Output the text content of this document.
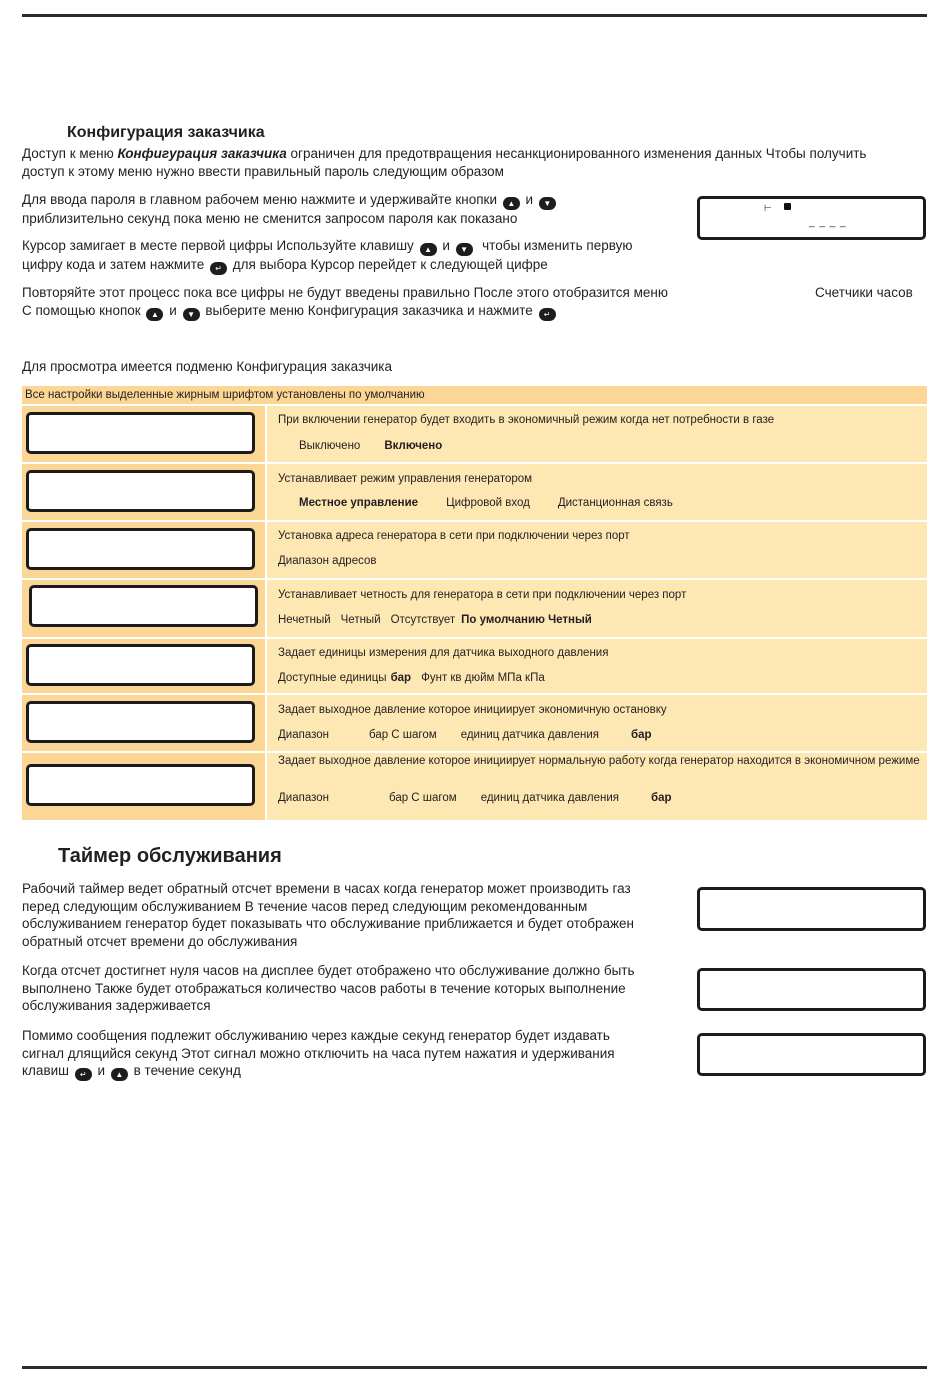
Конфигурация заказчика
Доступ к меню Конфигурация заказчика ограничен для предотвращения несанкционированного изменения данных Чтобы получить
доступ к этому меню нужно ввести правильный пароль следующим образом
Для ввода пароля в главном рабочем меню нажмите и удерживайте кнопки ▲ и ▼
приблизительно секунд пока меню не сменится запросом пароля как показано
⊢
_ _ _ _
Курсор замигает в месте первой цифры Используйте клавишу ▲ и ▼ чтобы изменить первую
цифру кода и затем нажмите ↵ для выбора Курсор перейдет к следующей цифре
Повторяйте этот процесс пока все цифры не будут введены правильно После этого отобразится меню	Счетчики часов
С помощью кнопок ▲ и ▼ выберите меню Конфигурация заказчика и нажмите ↵
Для просмотра имеется подменю Конфигурация заказчика
Все настройки выделенные жирным шрифтом установлены по умолчанию
При включении генератор будет входить в экономичный режим когда нет потребности в газе
Выключено Включено
Устанавливает режим управления генератором
Местное управление Цифровой вход Дистанционная связь
Установка адреса генератора в сети при подключении через порт
Диапазон адресов
Устанавливает четность для генератора в сети при подключении через порт
Нечетный Четный Отсутствует По умолчанию Четный
Задает единицы измерения для датчика выходного давления
Доступные единицы бар Фунт кв дюйм МПа кПа
Задает выходное давление которое инициирует экономичную остановку
Диапазон	бар С шагом единиц датчика давления	бар
Задает выходное давление которое инициирует нормальную работу когда генератор находится в экономичном режиме
Диапазон	бар С шагом единиц датчика давления	бар
Таймер обслуживания
Рабочий таймер ведет обратный отсчет времени в часах когда генератор может производить газ
перед следующим обслуживанием В течение часов перед следующим рекомендованным
обслуживанием генератор будет показывать что обслуживание приближается и будет отображен
обратный отсчет времени до обслуживания
Когда отсчет достигнет нуля часов на дисплее будет отображено что обслуживание должно быть
выполнено Также будет отображаться количество часов работы в течение которых выполнение
обслуживания задерживается
Помимо сообщения подлежит обслуживанию через каждые секунд генератор будет издавать
сигнал длящийся секунд Этот сигнал можно отключить на часа путем нажатия и удерживания
клавиш ↵ и ▲ в течение секунд
